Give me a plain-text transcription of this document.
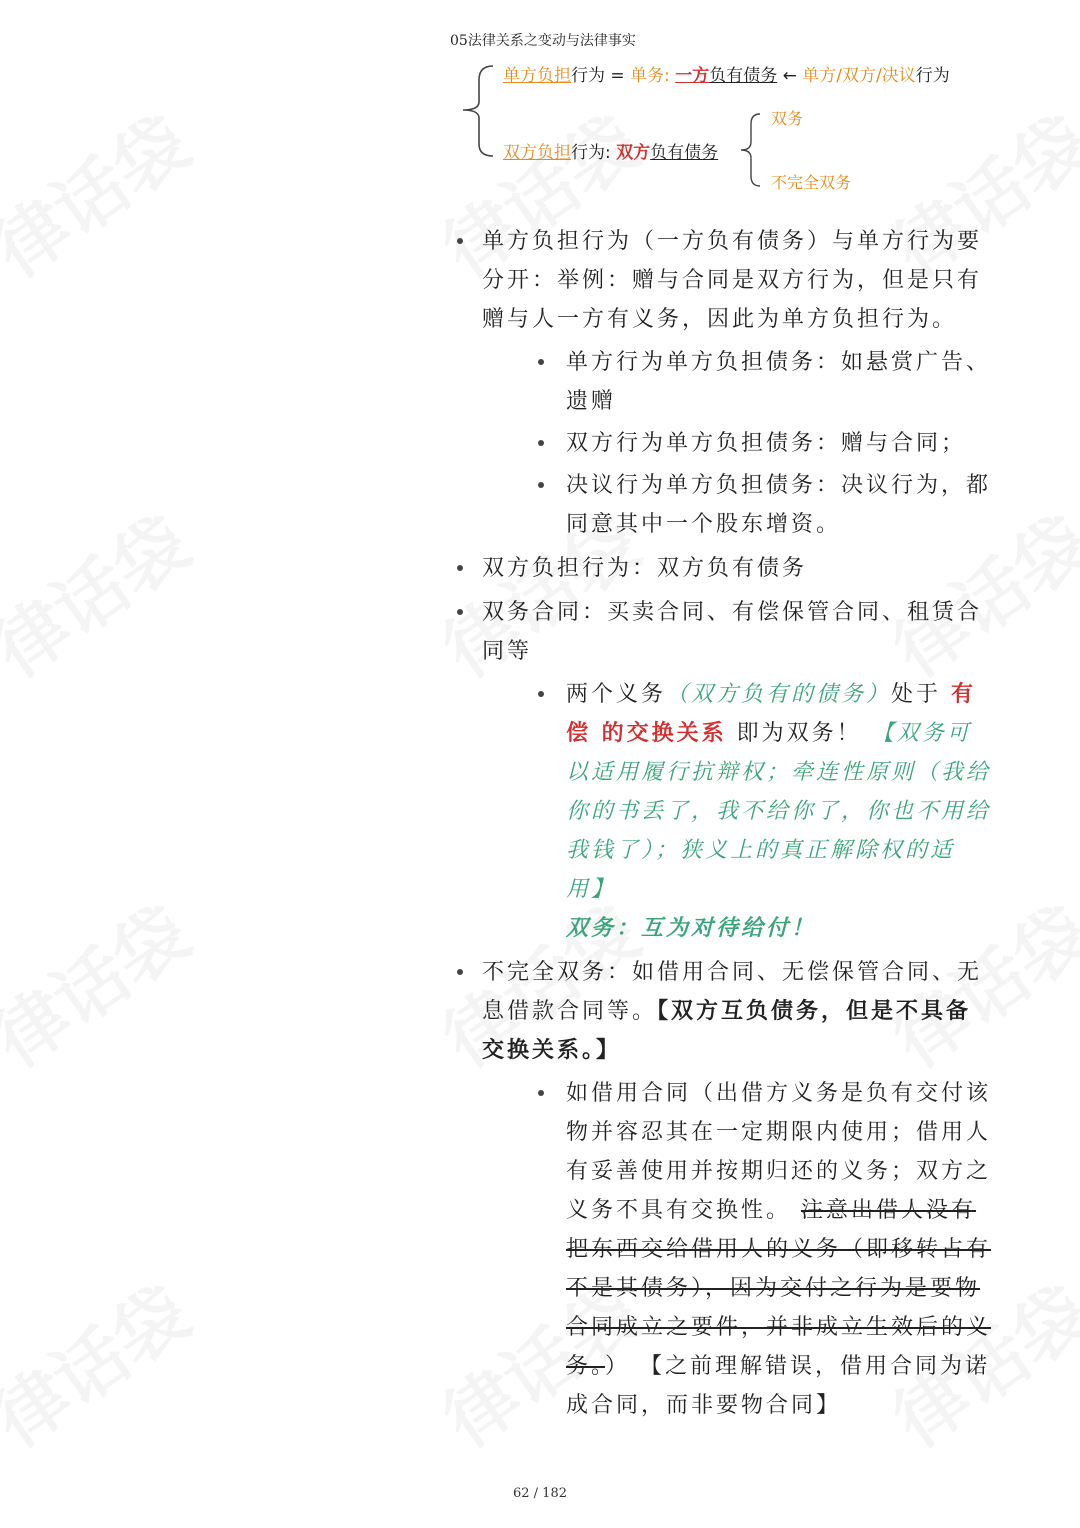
05法律关系之变动与法律事实
单方负担行为 = 单务: 一方负有债务 ← 单方/双方/决议行为
双方负担行为: 双方负有债务
双务
不完全双务
单方负担行为（一方负有债务）与单方行为要分开：举例：赠与合同是双方行为，但是只有赠与人一方有义务，因此为单方负担行为。
单方行为单方负担债务：如悬赏广告、遗赠
双方行为单方负担债务：赠与合同；
决议行为单方负担债务：决议行为，都同意其中一个股东增资。
双方负担行为：双方负有债务
双务合同：买卖合同、有偿保管合同、租赁合同等
两个义务（双方负有的债务）处于 有偿 的交换关系 即为双务！ 【双务可以适用履行抗辩权；牵连性原则（我给你的书丢了，我不给你了，你也不用给我钱了）；狭义上的真正解除权的适用】
双务：互为对待给付！
不完全双务：如借用合同、无偿保管合同、无息借款合同等。【双方互负债务，但是不具备交换关系。】
如借用合同（出借方义务是负有交付该物并容忍其在一定期限内使用；借用人有妥善使用并按期归还的义务；双方之义务不具有交换性。 注意出借人没有把东西交给借用人的义务（即移转占有不是其债务），因为交付之行为是要物合同成立之要件，并非成立生效后的义务。） 【之前理解错误，借用合同为诺成合同，而非要物合同】
62 / 182
